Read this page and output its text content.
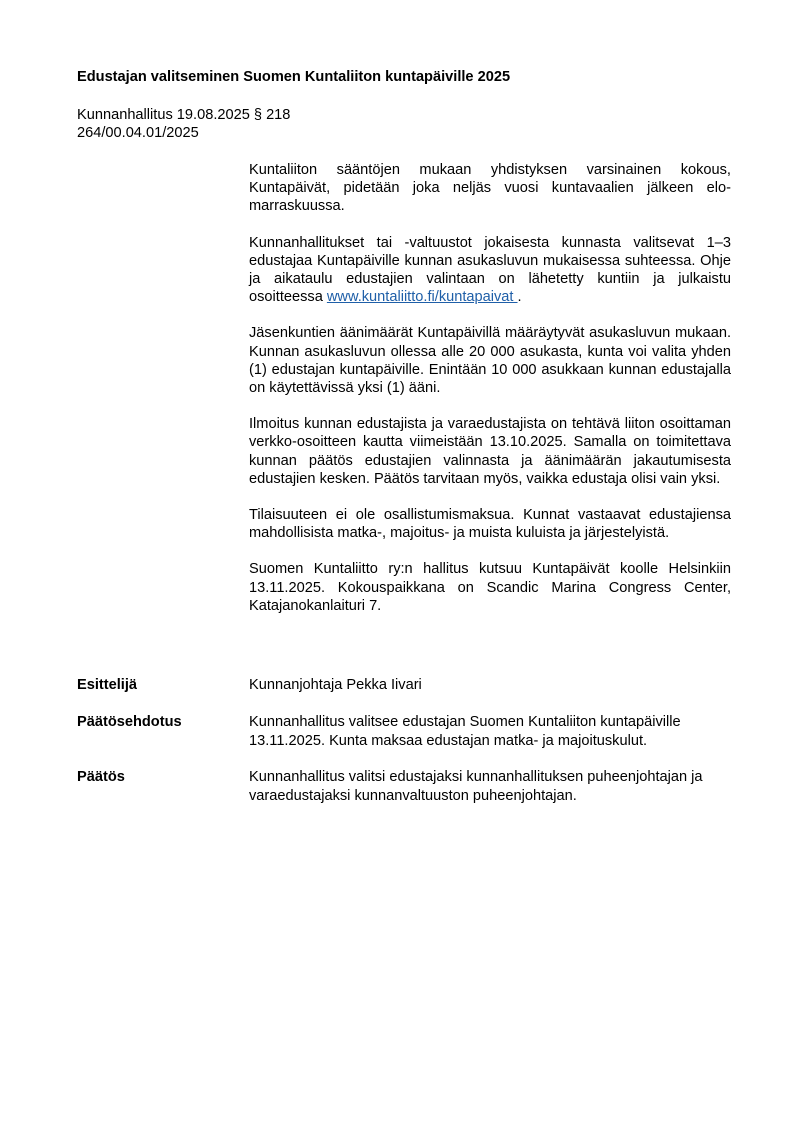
Edustajan valitseminen Suomen Kuntaliiton kuntapäiville 2025
Kunnanhallitus 19.08.2025 § 218
264/00.04.01/2025

Kuntaliiton sääntöjen mukaan yhdistyksen varsinainen kokous, Kuntapäivät, pidetään joka neljäs vuosi kuntavaalien jälkeen elo-marraskuussa.

Kunnanhallitukset tai -valtuustot jokaisesta kunnasta valitsevat 1–3 edustajaa Kuntapäiville kunnan asukasluvun mukaisessa suhteessa. Ohje ja aikataulu edustajien valintaan on lähetetty kuntiin ja julkaistu osoitteessa www.kuntaliitto.fi/kuntapaivat .

Jäsenkuntien äänimäärät Kuntapäivillä määräytyvät asukasluvun mukaan. Kunnan asukasluvun ollessa alle 20 000 asukasta, kunta voi valita yhden (1) edustajan kuntapäiville. Enintään 10 000 asukkaan kunnan edustajalla on käytettävissä yksi (1) ääni.

Ilmoitus kunnan edustajista ja varaedustajista on tehtävä liiton osoittaman verkko-osoitteen kautta viimeistään 13.10.2025. Samalla on toimitettava kunnan päätös edustajien valinnasta ja äänimäärän jakautumisesta edustajien kesken. Päätös tarvitaan myös, vaikka edustaja olisi vain yksi.

Tilaisuuteen ei ole osallistumismaksua. Kunnat vastaavat edustajiensa mahdollisista matka-, majoitus- ja muista kuluista ja järjestelyistä.

Suomen Kuntaliitto ry:n hallitus kutsuu Kuntapäivät koolle Helsinkiin 13.11.2025. Kokouspaikkana on Scandic Marina Congress Center, Katajanokanlaituri 7.

Esittelijä	Kunnanjohtaja Pekka Iivari
Päätösehdotus	Kunnanhallitus valitsee edustajan Suomen Kuntaliiton kuntapäiville 13.11.2025. Kunta maksaa edustajan matka- ja majoituskulut.
Päätös	Kunnanhallitus valitsi edustajaksi kunnanhallituksen puheenjohtajan ja varaedustajaksi kunnanvaltuuston puheenjohtajan.
